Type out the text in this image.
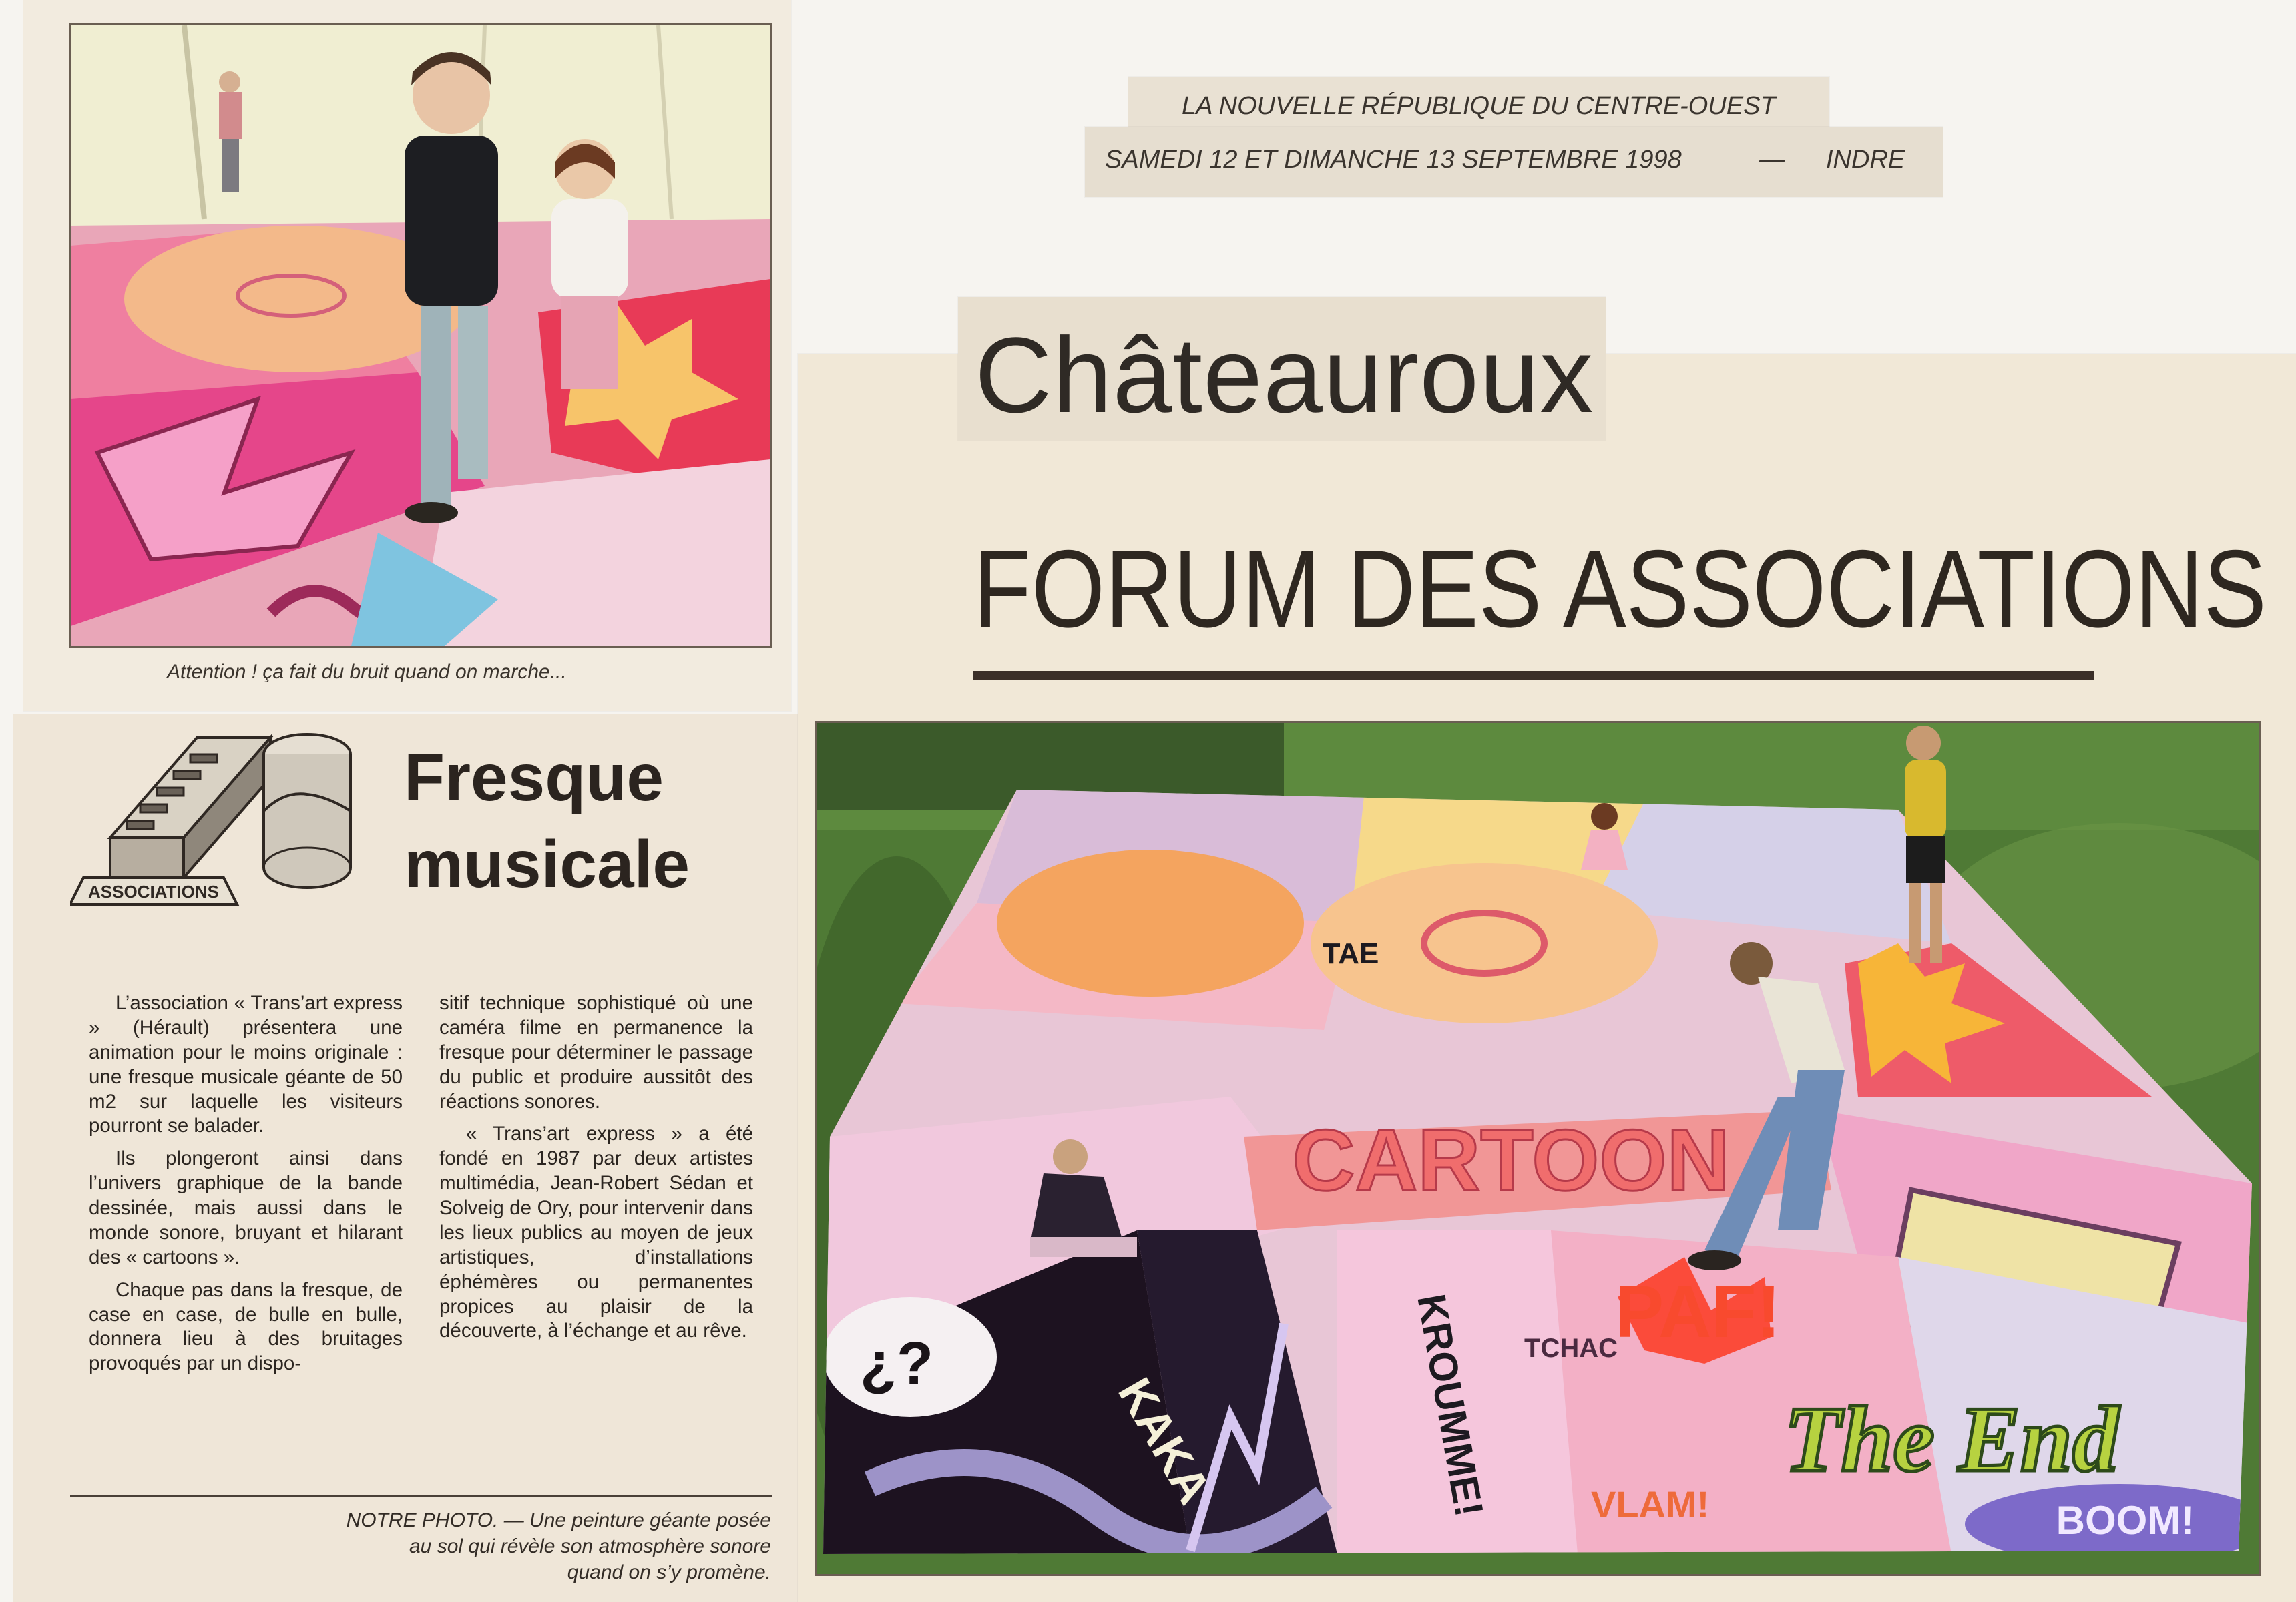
LA NOUVELLE RÉPUBLIQUE DU CENTRE-OUEST
SAMEDI 12 ET DIMANCHE 13 SEPTEMBRE 1998	— INDRE
Châteauroux
FORUM DES ASSOCIATIONS
Attention ! ça fait du bruit quand on marche...
ASSOCIATIONS
Fresque
musicale

L’association « Trans’art express » (Hérault) présentera une animation pour le moins originale : une fresque musicale géante de 50 m2 sur laquelle les visiteurs pourront se balader.

Ils plongeront ainsi dans l’univers graphique de la bande dessinée, mais aussi dans le monde sonore, bruyant et hilarant des « cartoons ».

Chaque pas dans la fresque, de case en case, de bulle en bulle, donnera lieu à des bruitages provoqués par un dispo-

sitif technique sophistiqué où une caméra filme en permanence la fresque pour déterminer le passage du public et produire aussitôt des réactions sonores.

« Trans’art express » a été fondé en 1987 par deux artistes multimédia, Jean-Robert Sédan et Solveig de Ory, pour intervenir dans les lieux publics au moyen de jeux artistiques, d’installations éphémères ou permanentes propices au plaisir de la découverte, à l’échange et au rêve.

NOTRE PHOTO. — Une peinture géante posée
au sol qui révèle son atmosphère sonore
quand on s’y promène.
CARTOON
PAF!
The End
BOOM!
TAE
KAKA	KROUMME!	VLAM!
¿?	TCHAC
